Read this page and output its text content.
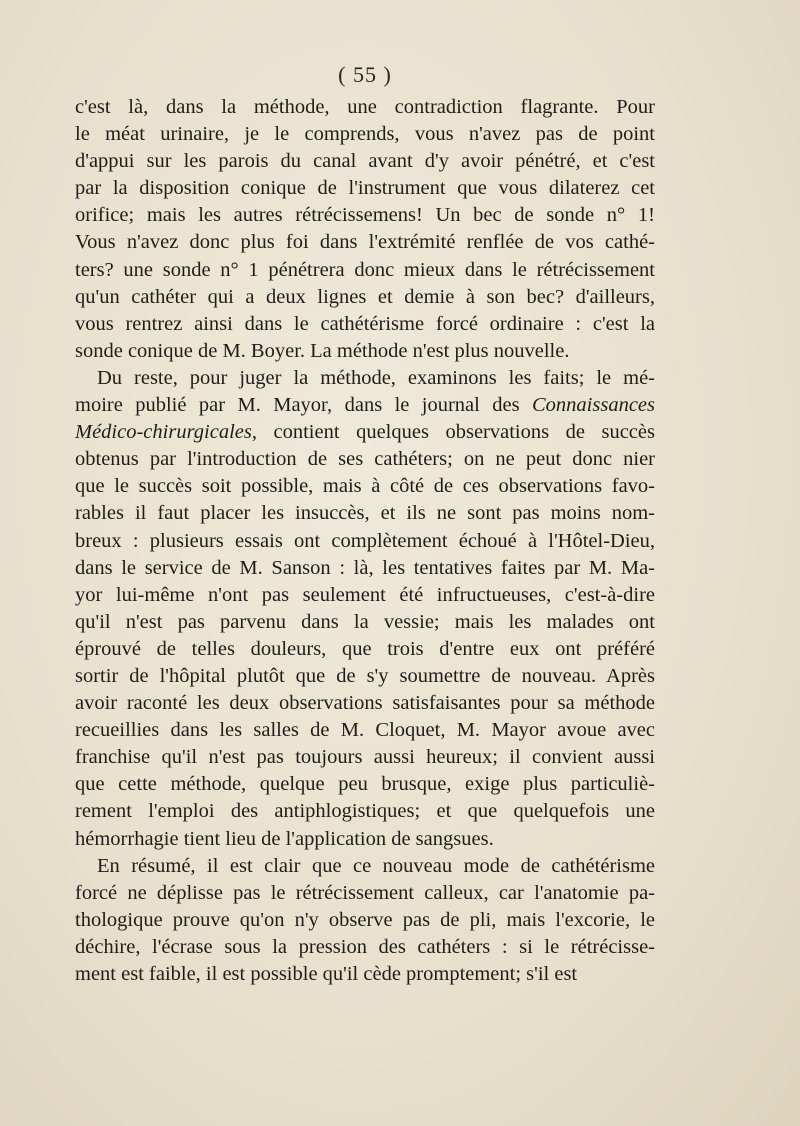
( 55 )
c'est là, dans la méthode, une contradiction flagrante. Pour
le méat urinaire, je le comprends, vous n'avez pas de point
d'appui sur les parois du canal avant d'y avoir pénétré, et c'est
par la disposition conique de l'instrument que vous dilaterez cet
orifice; mais les autres rétrécissemens! Un bec de sonde n° 1!
Vous n'avez donc plus foi dans l'extrémité renflée de vos cathé-
ters? une sonde n° 1 pénétrera donc mieux dans le rétrécissement
qu'un cathéter qui a deux lignes et demie à son bec? d'ailleurs,
vous rentrez ainsi dans le cathétérisme forcé ordinaire : c'est la
sonde conique de M. Boyer. La méthode n'est plus nouvelle.
Du reste, pour juger la méthode, examinons les faits; le mé-
moire publié par M. Mayor, dans le journal des Connaissances
Médico-chirurgicales, contient quelques observations de succès
obtenus par l'introduction de ses cathéters; on ne peut donc nier
que le succès soit possible, mais à côté de ces observations favo-
rables il faut placer les insuccès, et ils ne sont pas moins nom-
breux : plusieurs essais ont complètement échoué à l'Hôtel-Dieu,
dans le service de M. Sanson : là, les tentatives faites par M. Ma-
yor lui-même n'ont pas seulement été infructueuses, c'est-à-dire
qu'il n'est pas parvenu dans la vessie; mais les malades ont
éprouvé de telles douleurs, que trois d'entre eux ont préféré
sortir de l'hôpital plutôt que de s'y soumettre de nouveau. Après
avoir raconté les deux observations satisfaisantes pour sa méthode
recueillies dans les salles de M. Cloquet, M. Mayor avoue avec
franchise qu'il n'est pas toujours aussi heureux; il convient aussi
que cette méthode, quelque peu brusque, exige plus particuliè-
rement l'emploi des antiphlogistiques; et que quelquefois une
hémorrhagie tient lieu de l'application de sangsues.
En résumé, il est clair que ce nouveau mode de cathétérisme
forcé ne déplisse pas le rétrécissement calleux, car l'anatomie pa-
thologique prouve qu'on n'y observe pas de pli, mais l'excorie, le
déchire, l'écrase sous la pression des cathéters : si le rétrécisse-
ment est faible, il est possible qu'il cède promptement; s'il est
